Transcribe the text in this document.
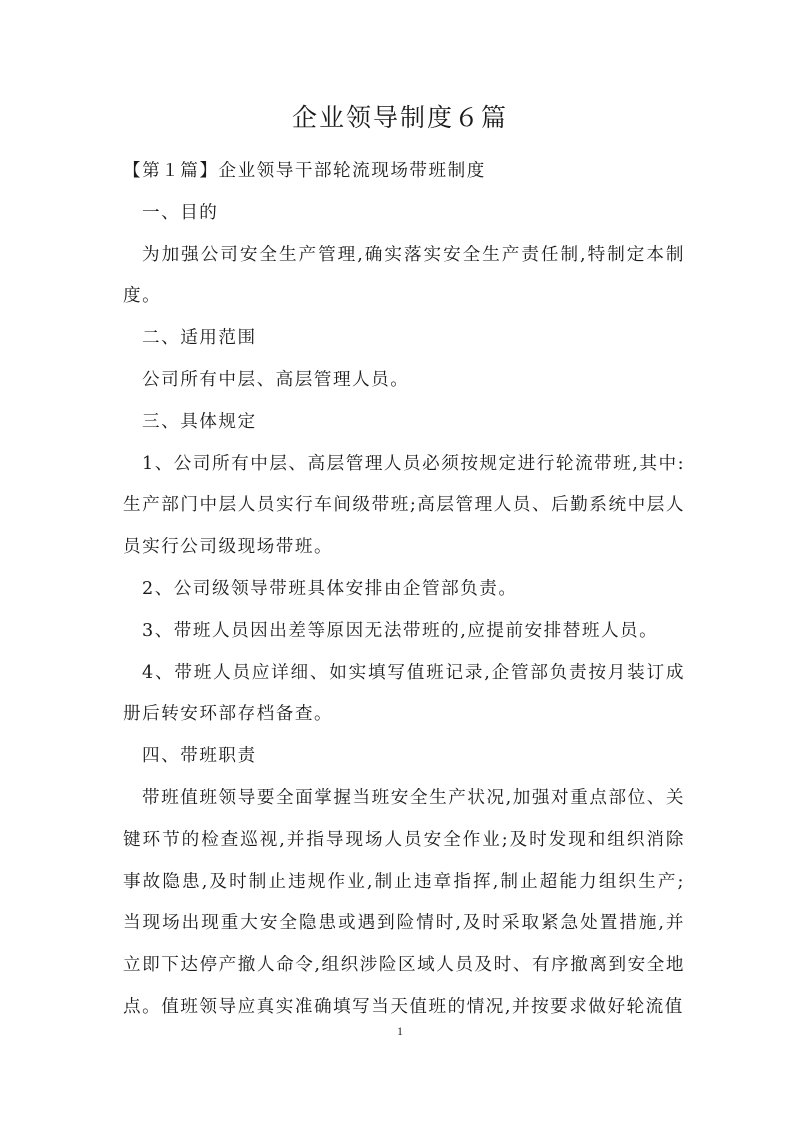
企业领导制度６篇

【第１篇】企业领导干部轮流现场带班制度

一、目的

为加强公司安全生产管理,确实落实安全生产责任制,特制定本制度。

二、适用范围

公司所有中层、高层管理人员。

三、具体规定

1、公司所有中层、高层管理人员必须按规定进行轮流带班,其中:生产部门中层人员实行车间级带班;高层管理人员、后勤系统中层人员实行公司级现场带班。

2、公司级领导带班具体安排由企管部负责。

3、带班人员因出差等原因无法带班的,应提前安排替班人员。

4、带班人员应详细、如实填写值班记录,企管部负责按月装订成册后转安环部存档备查。

四、带班职责

带班值班领导要全面掌握当班安全生产状况,加强对重点部位、关键环节的检查巡视,并指导现场人员安全作业;及时发现和组织消除事故隐患,及时制止违规作业,制止违章指挥,制止超能力组织生产;当现场出现重大安全隐患或遇到险情时,及时采取紧急处置措施,并立即下达停产撤人命令,组织涉险区域人员及时、有序撤离到安全地点。值班领导应真实准确填写当天值班的情况,并按要求做好轮流值

1
